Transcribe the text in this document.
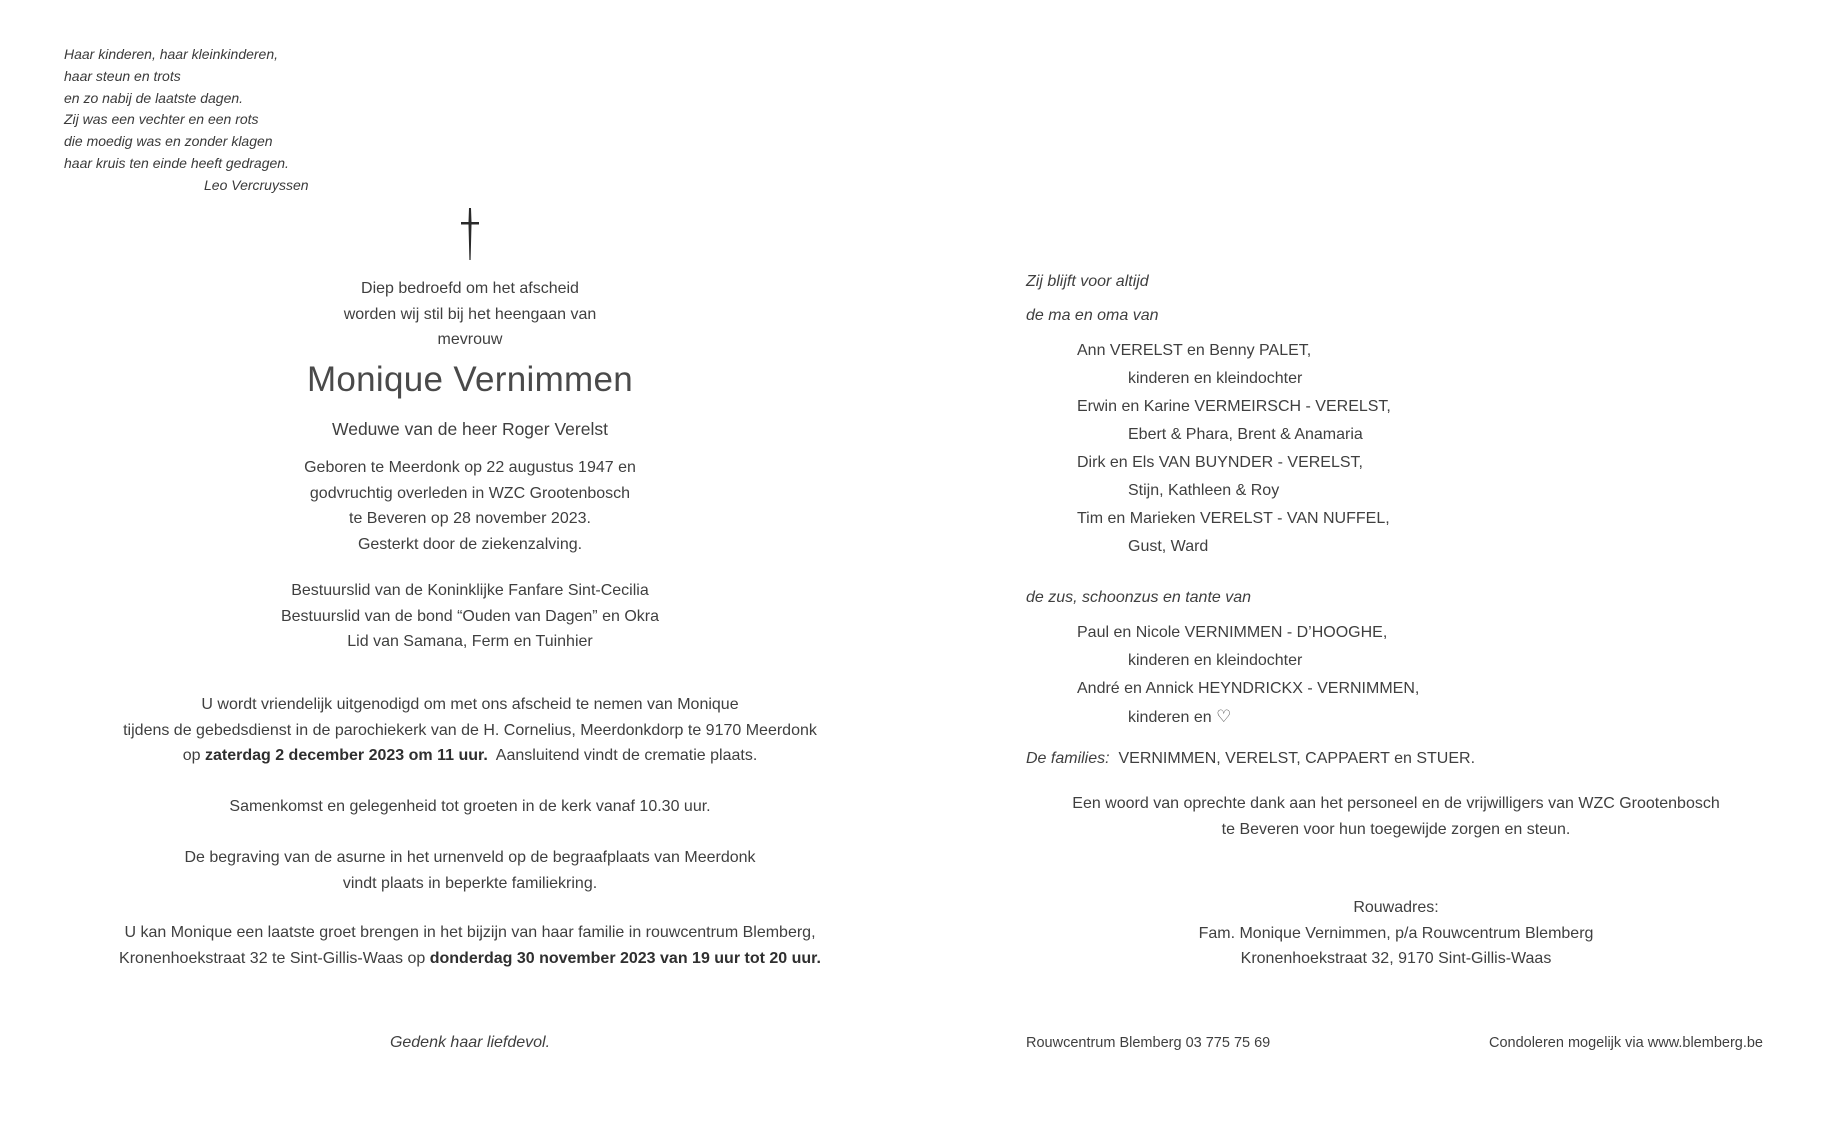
Haar kinderen, haar kleinkinderen,
haar steun en trots
en zo nabij de laatste dagen.
Zij was een vechter en een rots
die moedig was en zonder klagen
haar kruis ten einde heeft gedragen.
Leo Vercruyssen
Diep bedroefd om het afscheid
worden wij stil bij het heengaan van
mevrouw
Monique Vernimmen
Weduwe van de heer Roger Verelst
Geboren te Meerdonk op 22 augustus 1947 en
godvruchtig overleden in WZC Grootenbosch
te Beveren op 28 november 2023.
Gesterkt door de ziekenzalving.
Bestuurslid van de Koninklijke Fanfare Sint-Cecilia
Bestuurslid van de bond “Ouden van Dagen” en Okra
Lid van Samana, Ferm en Tuinhier
U wordt vriendelijk uitgenodigd om met ons afscheid te nemen van Monique
tijdens de gebedsdienst in de parochiekerk van de H. Cornelius, Meerdonkdorp te 9170 Meerdonk
op zaterdag 2 december 2023 om 11 uur.  Aansluitend vindt de crematie plaats.
Samenkomst en gelegenheid tot groeten in de kerk vanaf 10.30 uur.
De begraving van de asurne in het urnenveld op de begraafplaats van Meerdonk
vindt plaats in beperkte familiekring.
U kan Monique een laatste groet brengen in het bijzijn van haar familie in rouwcentrum Blemberg,
Kronenhoekstraat 32 te Sint-Gillis-Waas op donderdag 30 november 2023 van 19 uur tot 20 uur.
Gedenk haar liefdevol.
Zij blijft voor altijd
de ma en oma van
Ann VERELST en Benny PALET,
kinderen en kleindochter
Erwin en Karine VERMEIRSCH - VERELST,
Ebert & Phara, Brent & Anamaria
Dirk en Els VAN BUYNDER - VERELST,
Stijn, Kathleen & Roy
Tim en Marieken VERELST - VAN NUFFEL,
Gust, Ward
de zus, schoonzus en tante van
Paul en Nicole VERNIMMEN - D’HOOGHE,
kinderen en kleindochter
André en Annick HEYNDRICKX - VERNIMMEN,
kinderen en ♡
De families: VERNIMMEN, VERELST, CAPPAERT en STUER.
Een woord van oprechte dank aan het personeel en de vrijwilligers van WZC Grootenbosch
te Beveren voor hun toegewijde zorgen en steun.
Rouwadres:
Fam. Monique Vernimmen, p/a Rouwcentrum Blemberg
Kronenhoekstraat 32, 9170 Sint-Gillis-Waas
Rouwcentrum Blemberg 03 775 75 69	Condoleren mogelijk via www.blemberg.be
